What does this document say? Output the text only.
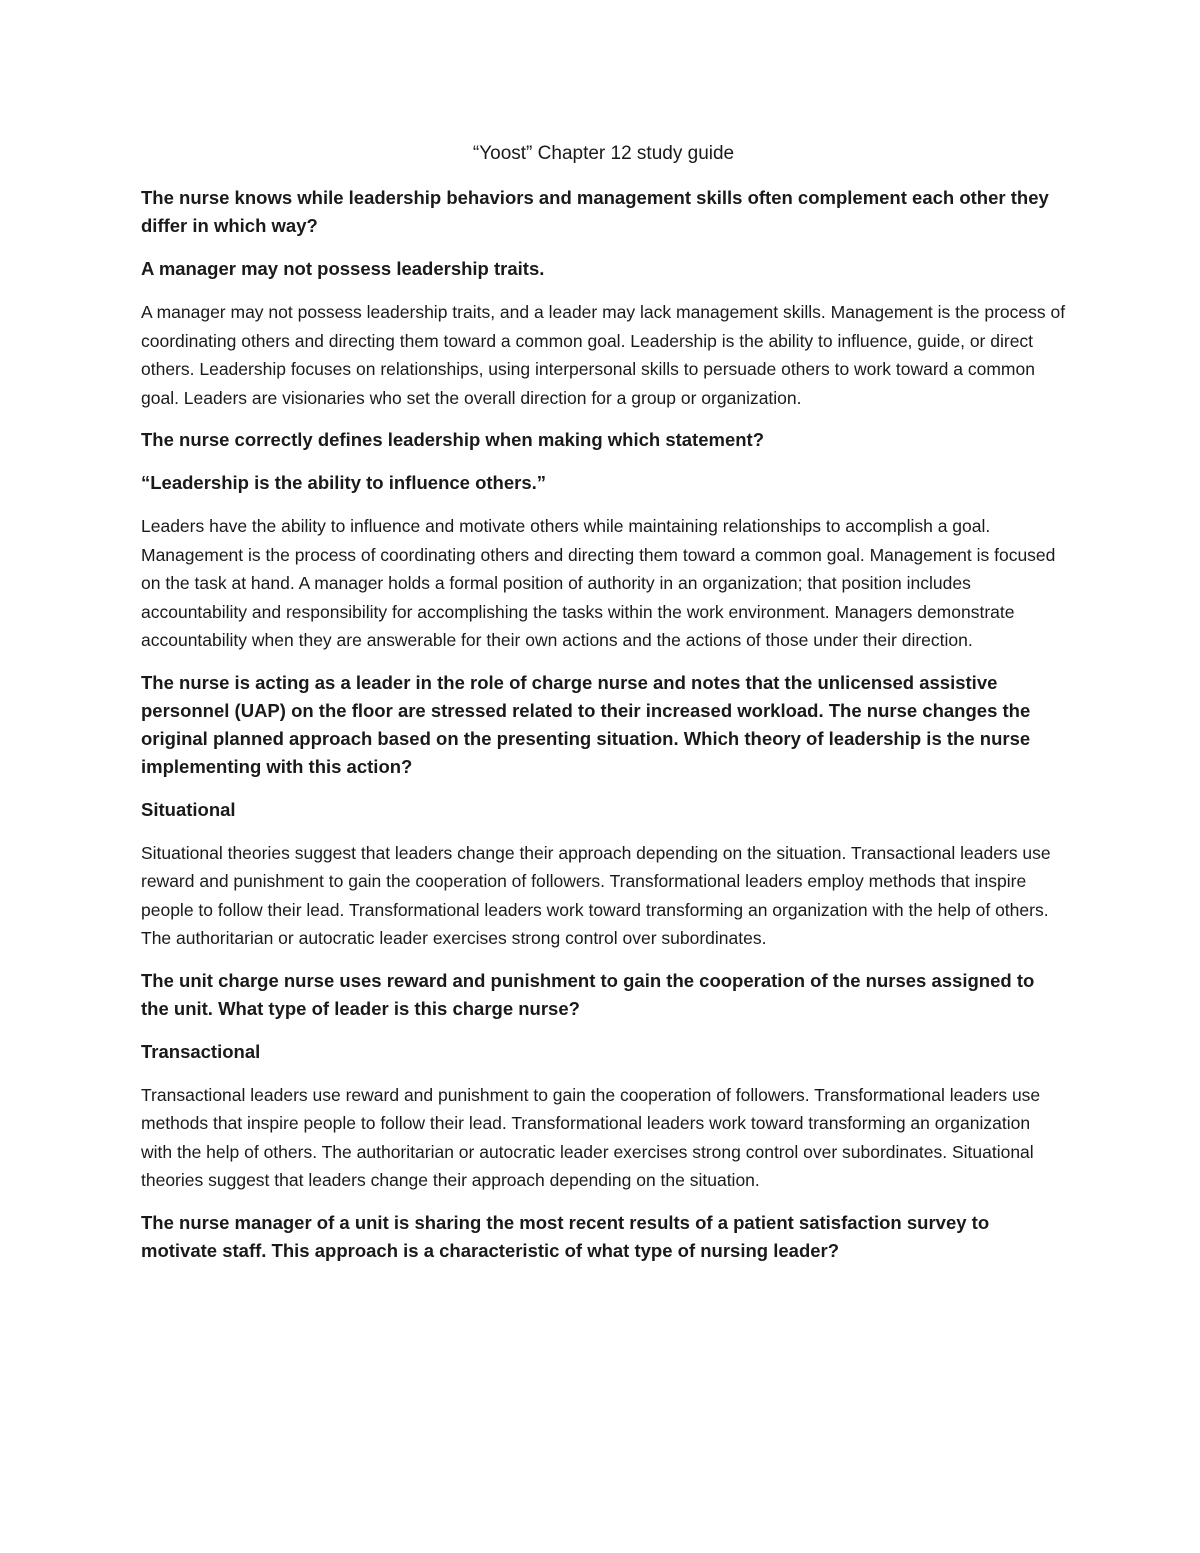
“Yoost” Chapter 12 study guide
The nurse knows while leadership behaviors and management skills often complement each other they differ in which way?
A manager may not possess leadership traits.
A manager may not possess leadership traits, and a leader may lack management skills. Management is the process of coordinating others and directing them toward a common goal. Leadership is the ability to influence, guide, or direct others. Leadership focuses on relationships, using interpersonal skills to persuade others to work toward a common goal. Leaders are visionaries who set the overall direction for a group or organization.
The nurse correctly defines leadership when making which statement?
“Leadership is the ability to influence others.”
Leaders have the ability to influence and motivate others while maintaining relationships to accomplish a goal. Management is the process of coordinating others and directing them toward a common goal. Management is focused on the task at hand. A manager holds a formal position of authority in an organization; that position includes accountability and responsibility for accomplishing the tasks within the work environment. Managers demonstrate accountability when they are answerable for their own actions and the actions of those under their direction.
The nurse is acting as a leader in the role of charge nurse and notes that the unlicensed assistive personnel (UAP) on the floor are stressed related to their increased workload. The nurse changes the original planned approach based on the presenting situation. Which theory of leadership is the nurse implementing with this action?
Situational
Situational theories suggest that leaders change their approach depending on the situation. Transactional leaders use reward and punishment to gain the cooperation of followers. Transformational leaders employ methods that inspire people to follow their lead. Transformational leaders work toward transforming an organization with the help of others. The authoritarian or autocratic leader exercises strong control over subordinates.
The unit charge nurse uses reward and punishment to gain the cooperation of the nurses assigned to the unit. What type of leader is this charge nurse?
Transactional
Transactional leaders use reward and punishment to gain the cooperation of followers. Transformational leaders use methods that inspire people to follow their lead. Transformational leaders work toward transforming an organization with the help of others. The authoritarian or autocratic leader exercises strong control over subordinates. Situational theories suggest that leaders change their approach depending on the situation.
The nurse manager of a unit is sharing the most recent results of a patient satisfaction survey to motivate staff. This approach is a characteristic of what type of nursing leader?
